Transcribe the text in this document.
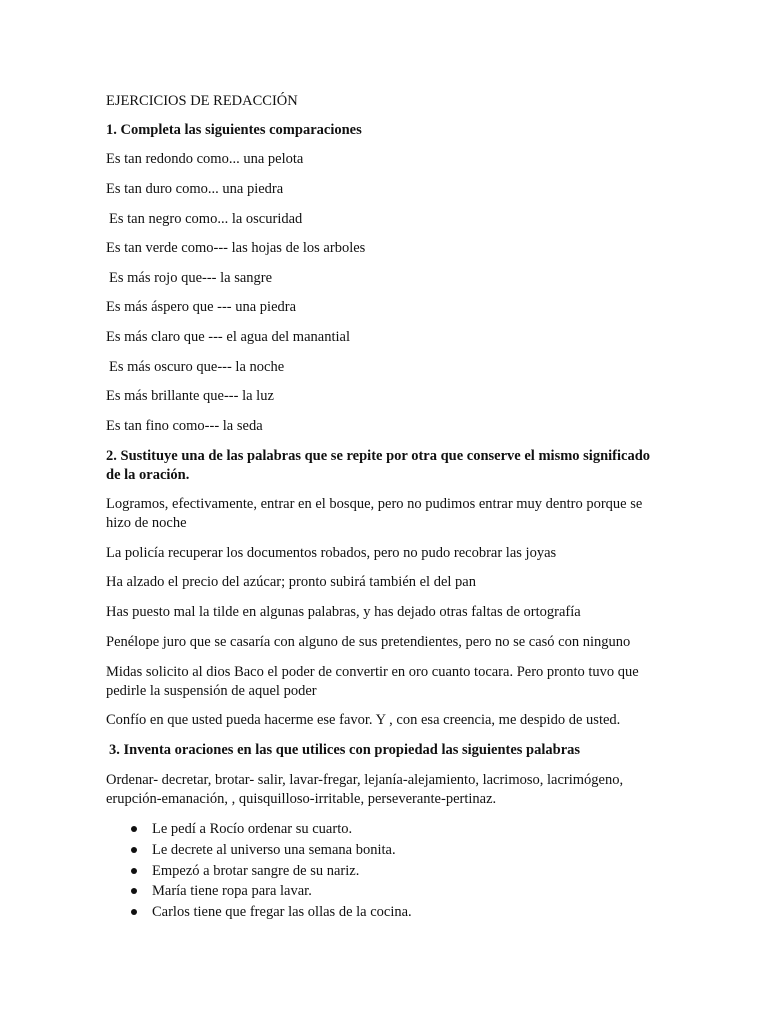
EJERCICIOS DE REDACCIÓN
1. Completa las siguientes comparaciones
Es tan redondo como... una pelota
Es tan duro como... una piedra
Es tan negro como... la oscuridad
Es tan verde como--- las hojas de los arboles
Es más rojo que--- la sangre
Es más áspero que --- una piedra
Es más claro que --- el agua del manantial
Es más oscuro que--- la noche
Es más brillante que--- la luz
Es tan fino como--- la seda
2. Sustituye una de las palabras que se repite por otra que conserve el mismo significado de la oración.
Logramos, efectivamente, entrar en el bosque, pero no pudimos entrar muy dentro porque se hizo de noche
La policía recuperar los documentos robados, pero no pudo recobrar las joyas
Ha alzado el precio del azúcar; pronto subirá también el del pan
Has puesto mal la tilde en algunas palabras, y has dejado otras faltas de ortografía
Penélope juro que se casaría con alguno de sus pretendientes, pero no se casó con ninguno
Midas solicito al dios Baco el poder de convertir en oro cuanto tocara. Pero pronto tuvo que pedirle la suspensión de aquel poder
Confío en que usted pueda hacerme ese favor. Y , con esa creencia, me despido de usted.
3. Inventa oraciones en las que utilices con propiedad las siguientes palabras
Ordenar- decretar, brotar- salir, lavar-fregar, lejanía-alejamiento, lacrimoso, lacrimógeno, erupción-emanación, , quisquilloso-irritable, perseverante-pertinaz.
Le pedí a Rocío ordenar su cuarto.
Le decrete al universo una semana bonita.
Empezó a brotar sangre de su nariz.
María tiene ropa para lavar.
Carlos tiene que fregar las ollas de la cocina.
